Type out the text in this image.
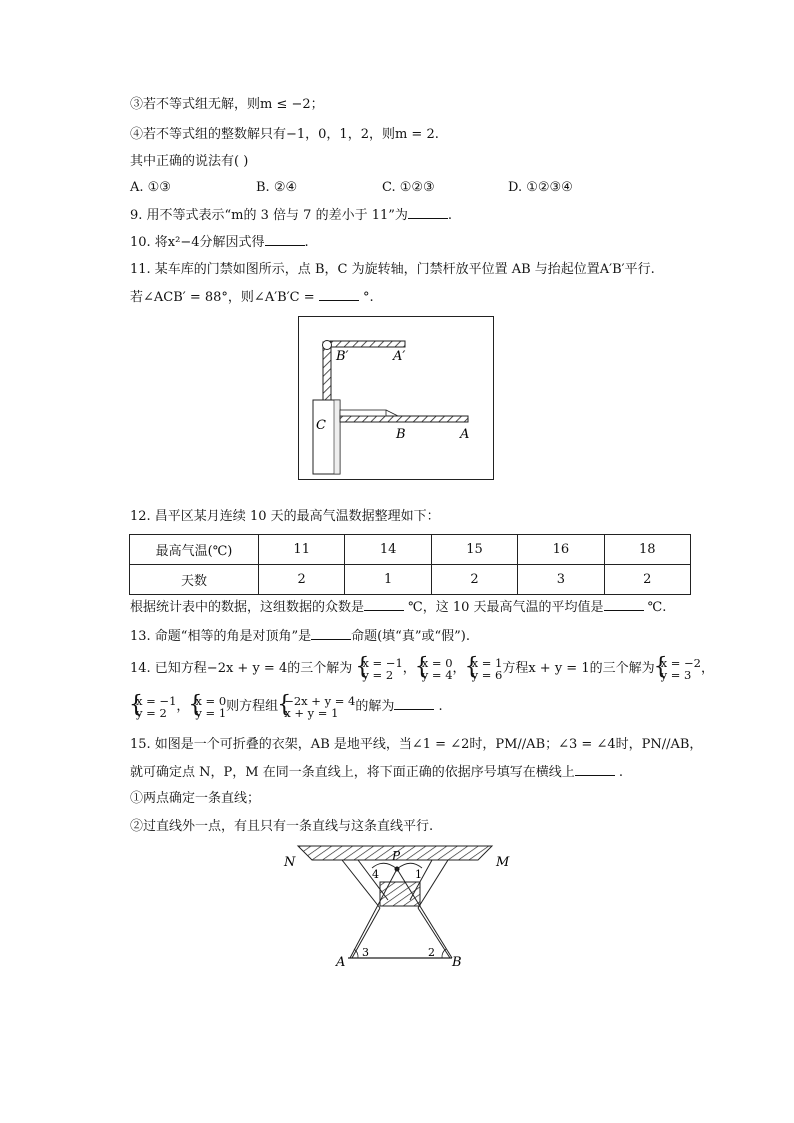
③若不等式组无解，则m ≤ −2；
④若不等式组的整数解只有−1，0，1，2，则m = 2.
其中正确的说法有( )
A. ①③	B. ②④	C. ①②③	D. ①②③④
9. 用不等式表示“m的 3 倍与 7 的差小于 11”为	.
10. 将x²−4分解因式得	.
11. 某车库的门禁如图所示，点 B，C 为旋转轴，门禁杆放平位置 AB 与抬起位置A′B′平行.
若∠ACB′ = 88°，则∠A′B′C =	°.
B′	A′
C
B	A
12. 昌平区某月连续 10 天的最高气温数据整理如下：
最高气温(℃)	11	14	15	16	18
天数	2	1	2	3	2
根据统计表中的数据，这组数据的众数是	℃，这 10 天最高气温的平均值是	℃.
13. 命题“相等的角是对顶角”是	命题(填“真”或“假”).
14. 已知方程−2x + y = 4的三个解为 { x = −1
y = 2 ， { x = 0
y = 4 ， { x = 1
y = 6 方程x + y = 1的三个解为 { x = −2
y = 3 ，
{ x = −1
y = 2 ， { x = 0
y = 1 则方程组 { −2x + y = 4
x + y = 1	的解为	.
15. 如图是一个可折叠的衣架，AB 是地平线，当∠1 = ∠2时，PM//AB；∠3 = ∠4时，PN//AB，
就可确定点 N，P，M 在同一条直线上，将下面正确的依据序号填写在横线上	.
①两点确定一条直线；
②过直线外一点，有且只有一条直线与这条直线平行.
N	M
P
4	1
A	B
3	2
